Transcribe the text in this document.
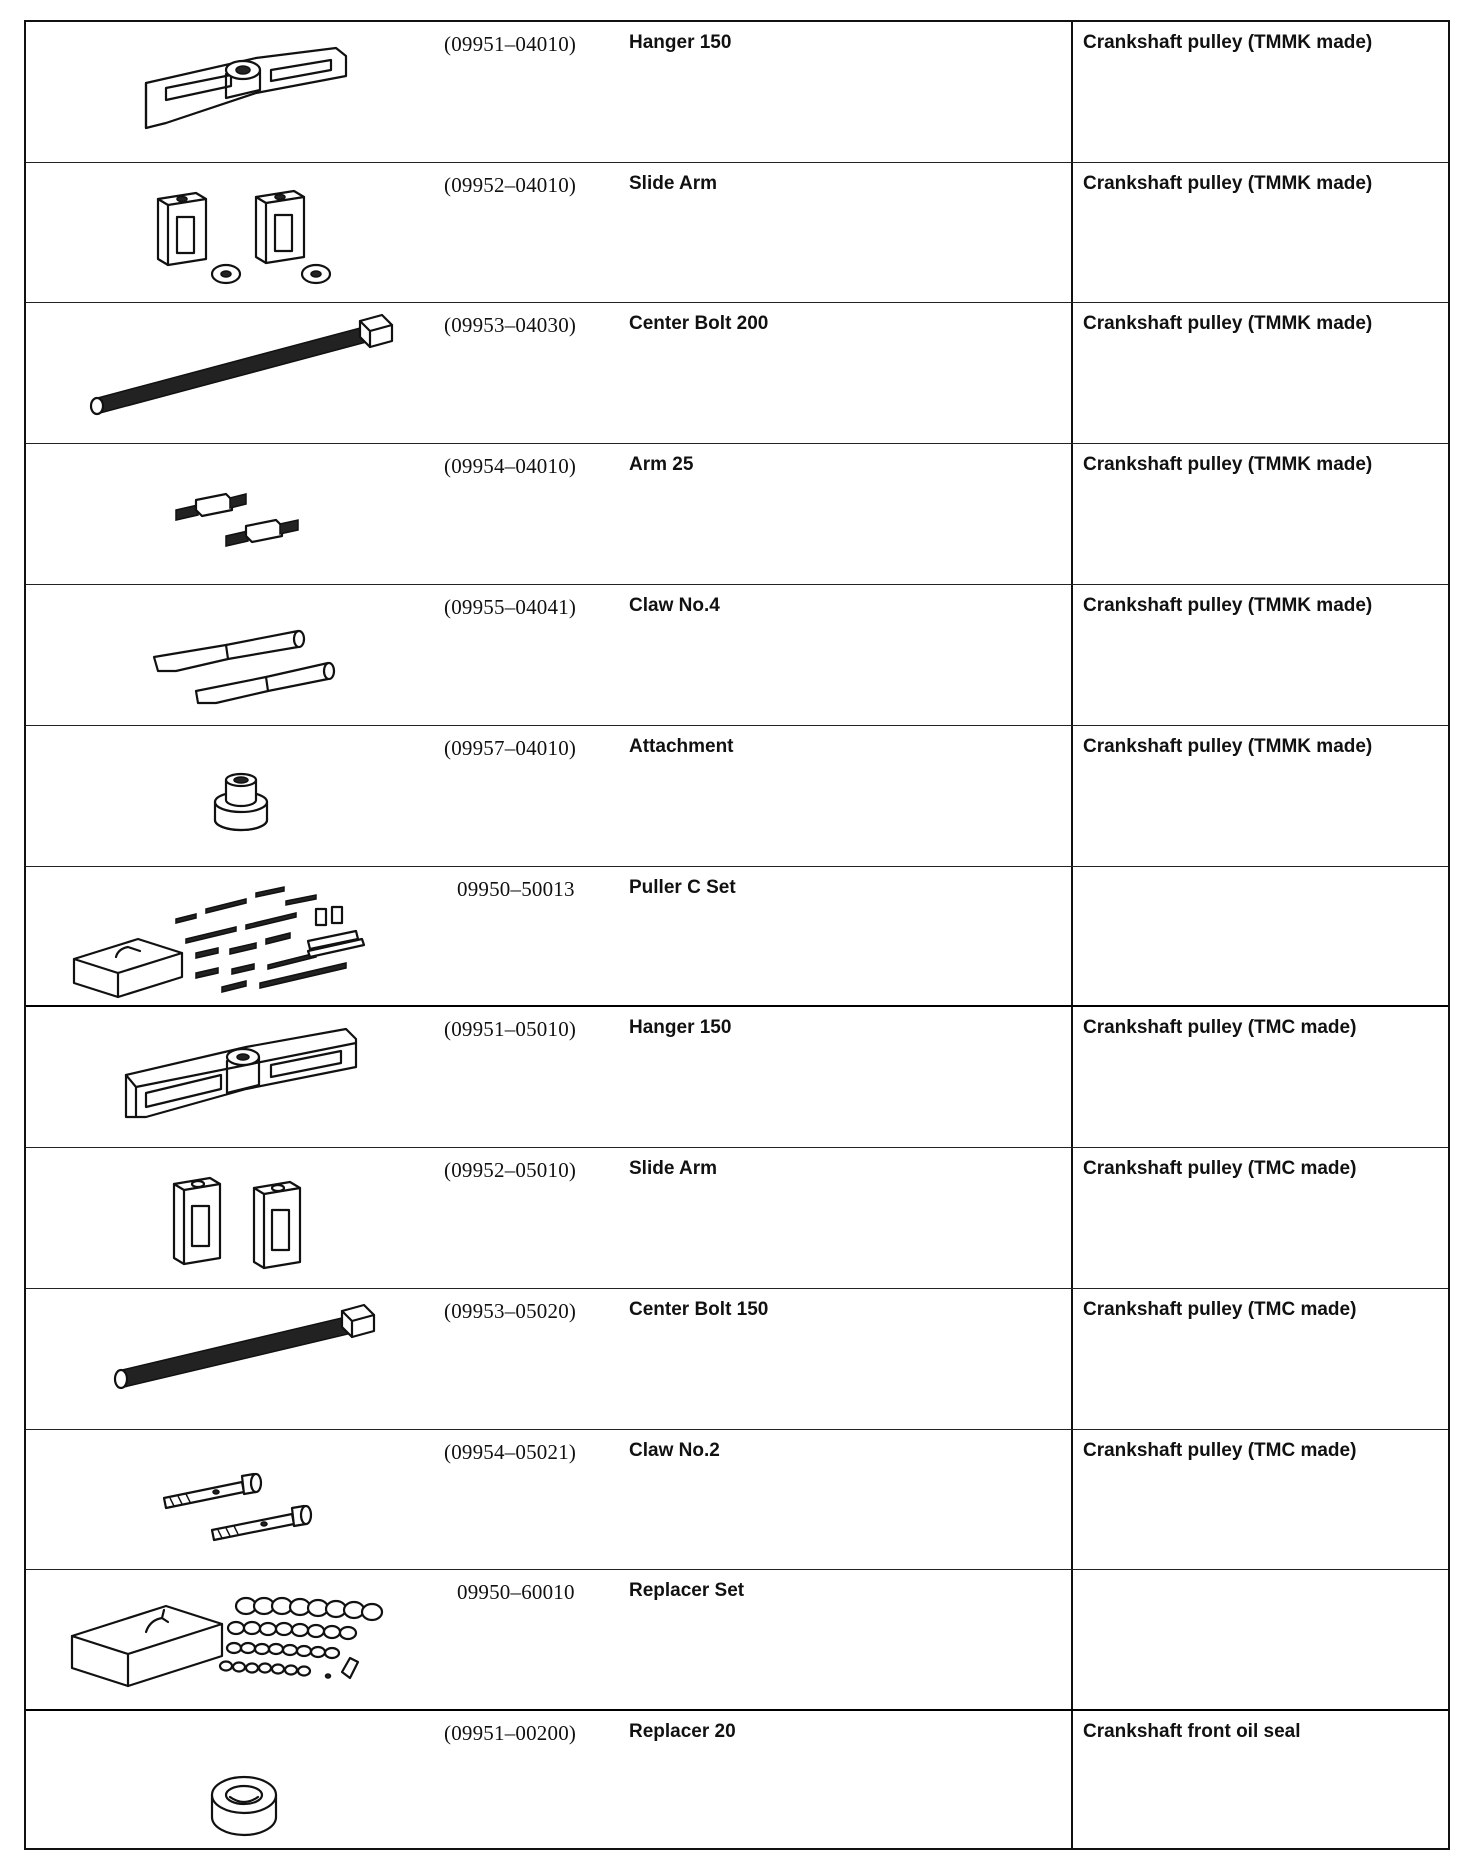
(09951–04010)	Hanger 150	Crankshaft pulley (TMMK made)
(09952–04010)	Slide Arm	Crankshaft pulley (TMMK made)
(09953–04030)	Center Bolt 200	Crankshaft pulley (TMMK made)
(09954–04010)	Arm 25	Crankshaft pulley (TMMK made)
(09955–04041)	Claw No.4	Crankshaft pulley (TMMK made)
(09957–04010)	Attachment	Crankshaft pulley (TMMK made)
09950–50013	Puller C Set
(09951–05010)	Hanger 150	Crankshaft pulley (TMC made)
(09952–05010)	Slide Arm	Crankshaft pulley (TMC made)
(09953–05020)	Center Bolt 150	Crankshaft pulley (TMC made)
(09954–05021)	Claw No.2	Crankshaft pulley (TMC made)
09950–60010	Replacer Set
(09951–00200)	Replacer 20	Crankshaft front oil seal
